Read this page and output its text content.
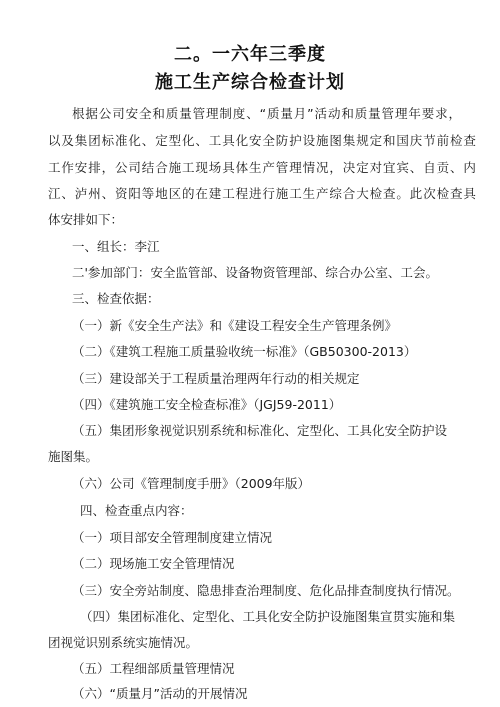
二。一六年三季度
施工生产综合检查计划
根据公司安全和质量管理制度、“质量月”活动和质量管理年要求，
以及集团标准化、定型化、工具化安全防护设施图集规定和国庆节前检查
工作安排，公司结合施工现场具体生产管理情况，决定对宜宾、自贡、内
江、泸州、资阳等地区的在建工程进行施工生产综合大检查。此次检查具
体安排如下：
一、组长：李江
二'参加部门：安全监管部、设备物资管理部、综合办公室、工会。
三、检查依据：
（一）新《安全生产法》和《建设工程安全生产管理条例》
（二）《建筑工程施工质量验收统一标准》（GB50300-2013）
（三）建设部关于工程质量治理两年行动的相关规定
（四）《建筑施工安全检查标准》（JGJ59-2011）
（五）集团形象视觉识别系统和标准化、定型化、工具化安全防护设
施图集。
（六）公司《管理制度手册》（2009年版）
四、检查重点内容：
（一）项目部安全管理制度建立情况
（二）现场施工安全管理情况
（三）安全旁站制度、隐患排查治理制度、危化品排查制度执行情况。
（四）集团标准化、定型化、工具化安全防护设施图集宣贯实施和集
团视觉识别系统实施情况。
（五）工程细部质量管理情况
（六）“质量月”活动的开展情况
